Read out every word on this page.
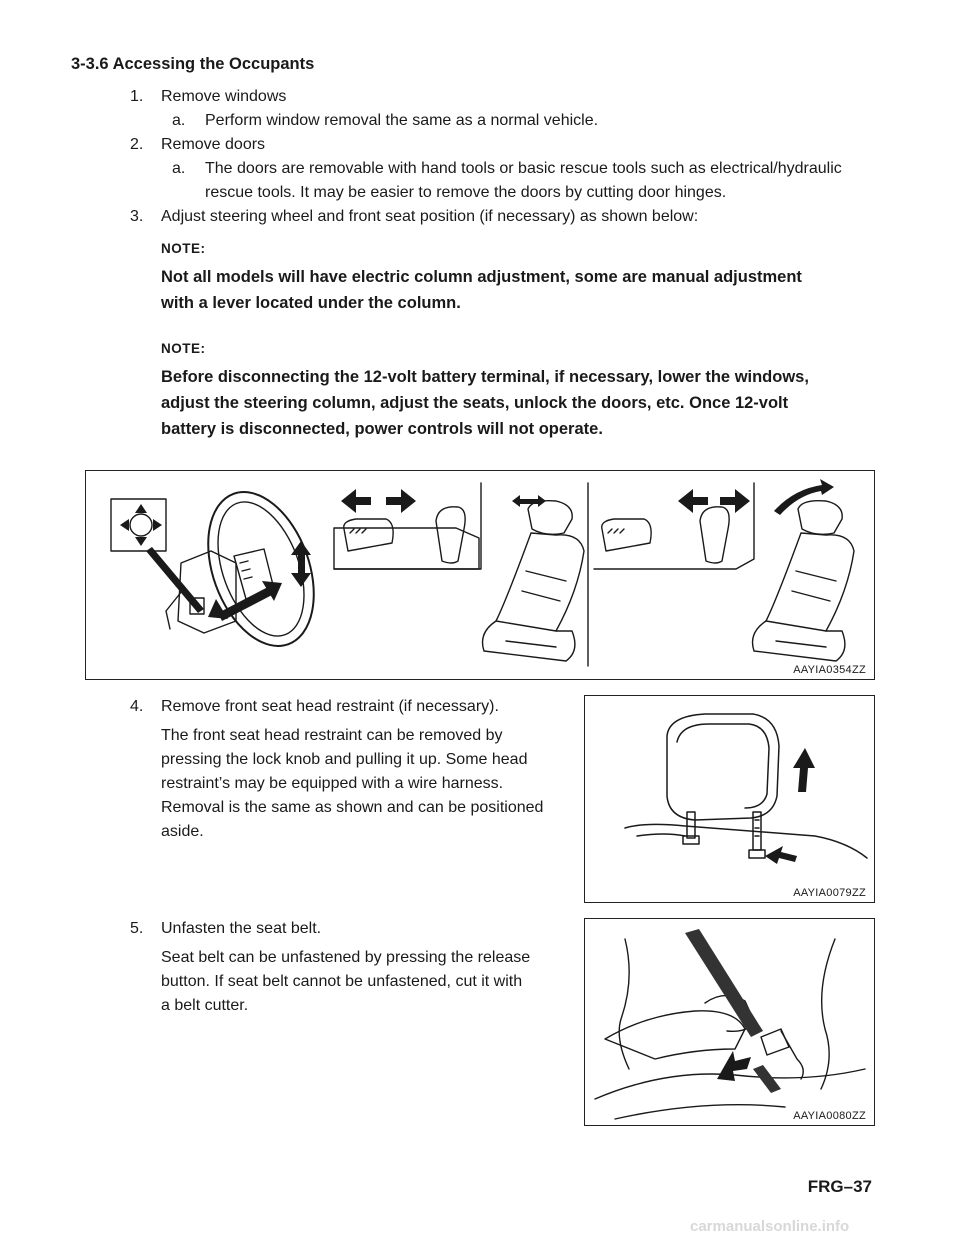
3-3.6 Accessing the Occupants
1. Remove windows
a. Perform window removal the same as a normal vehicle.
2. Remove doors
a. The doors are removable with hand tools or basic rescue tools such as electrical/hydraulic
rescue tools. It may be easier to remove the doors by cutting door hinges.
3. Adjust steering wheel and front seat position (if necessary) as shown below:
NOTE:
Not all models will have electric column adjustment, some are manual adjustment
with a lever located under the column.
NOTE:
Before disconnecting the 12-volt battery terminal, if necessary, lower the windows,
adjust the steering column, adjust the seats, unlock the doors, etc. Once 12-volt
battery is disconnected, power controls will not operate.
AAYIA0354ZZ
4. Remove front seat head restraint (if necessary).
The front seat head restraint can be removed by
pressing the lock knob and pulling it up. Some head
restraint’s may be equipped with a wire harness.
Removal is the same as shown and can be positioned
aside.
AAYIA0079ZZ
5. Unfasten the seat belt.
Seat belt can be unfastened by pressing the release
button. If seat belt cannot be unfastened, cut it with
a belt cutter.
AAYIA0080ZZ
FRG–37
carmanualsonline.info
